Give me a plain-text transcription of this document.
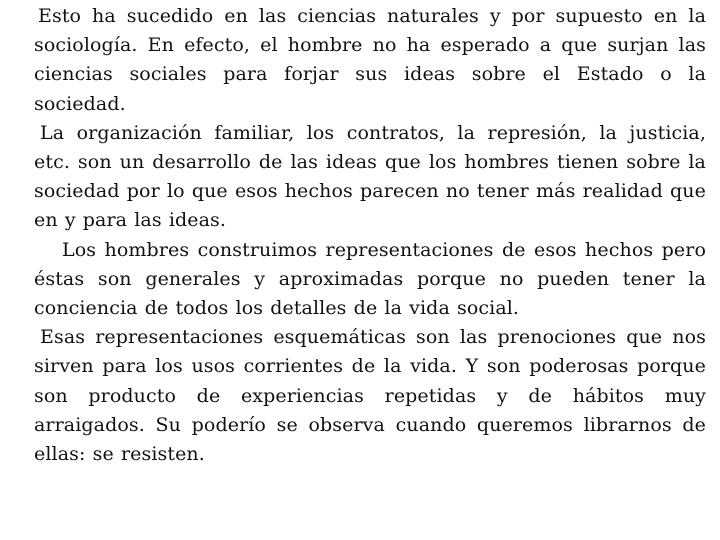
Esto ha sucedido en las ciencias naturales y por supuesto en la sociología. En efecto, el hombre no ha esperado a que surjan las ciencias sociales para forjar sus ideas sobre el Estado o la sociedad.

La organización familiar, los contratos, la represión, la justicia, etc. son un desarrollo de las ideas que los hombres tienen sobre la sociedad por lo que esos hechos parecen no tener más realidad que en y para las ideas.

Los hombres construimos representaciones de esos hechos pero éstas son generales y aproximadas porque no pueden tener la conciencia de todos los detalles de la vida social.

Esas representaciones esquemáticas son las prenociones que nos sirven para los usos corrientes de la vida. Y son poderosas porque son producto de experiencias repetidas y de hábitos muy arraigados. Su poderío se observa cuando queremos librarnos de ellas: se resisten.
